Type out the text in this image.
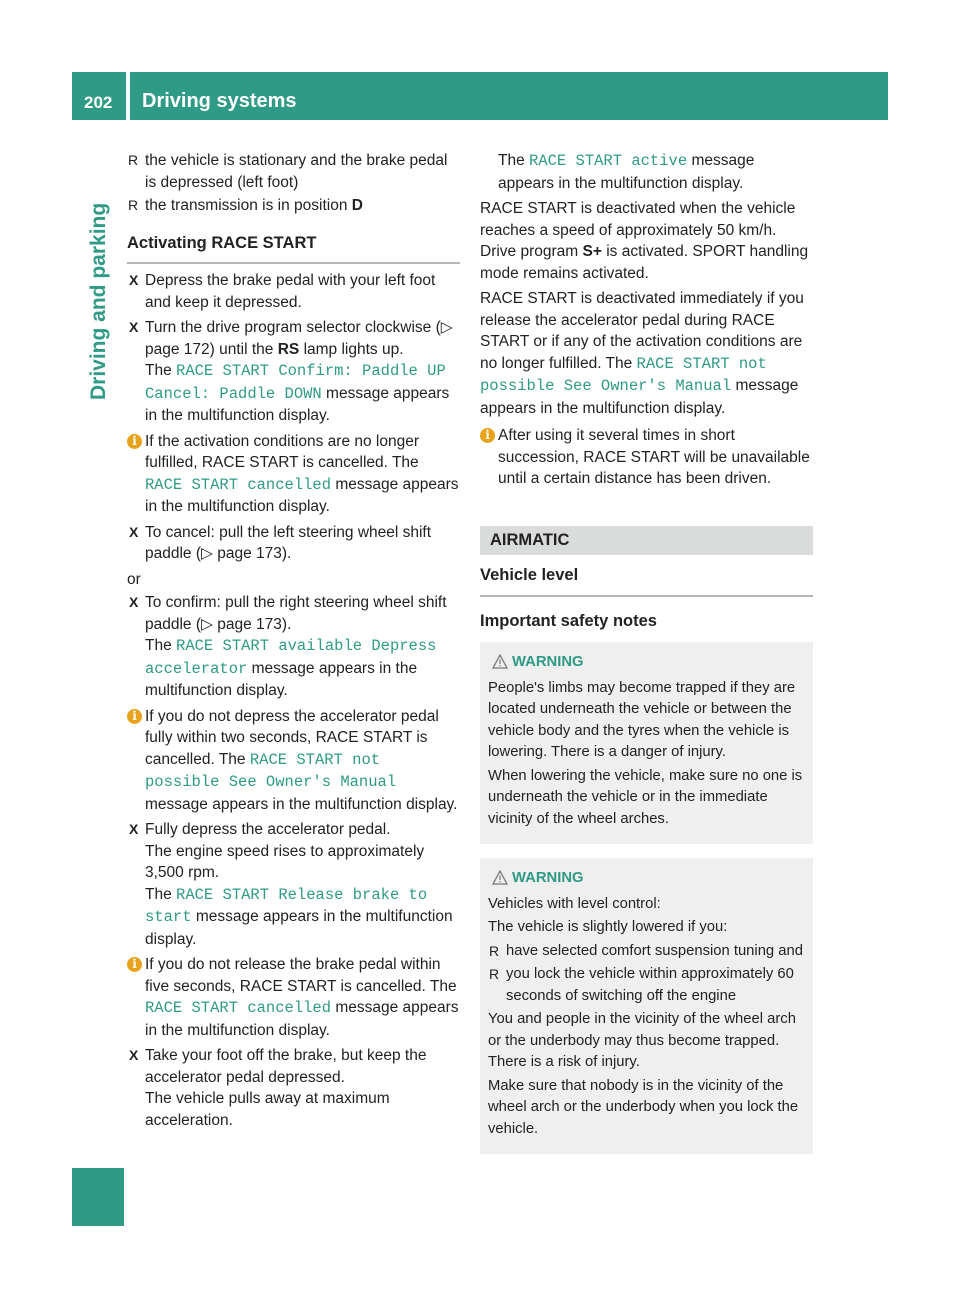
202 Driving systems
Driving and parking
R the vehicle is stationary and the brake pedal is depressed (left foot)
R the transmission is in position D
Activating RACE START
X Depress the brake pedal with your left foot and keep it depressed.
X Turn the drive program selector clockwise (▷ page 172) until the RS lamp lights up.
The RACE START Confirm: Paddle UP Cancel: Paddle DOWN message appears in the multifunction display.
i If the activation conditions are no longer fulfilled, RACE START is cancelled. The RACE START cancelled message appears in the multifunction display.
X To cancel: pull the left steering wheel shift paddle (▷ page 173).

or

X To confirm: pull the right steering wheel shift paddle (▷ page 173).
The RACE START available Depress accelerator message appears in the multifunction display.
i If you do not depress the accelerator pedal fully within two seconds, RACE START is cancelled. The RACE START not possible See Owner's Manual message appears in the multifunction display.
X Fully depress the accelerator pedal.
The engine speed rises to approximately 3,500 rpm.
The RACE START Release brake to start message appears in the multifunction display.
i If you do not release the brake pedal within five seconds, RACE START is cancelled. The RACE START cancelled message appears in the multifunction display.
X Take your foot off the brake, but keep the accelerator pedal depressed.
The vehicle pulls away at maximum acceleration.
The RACE START active message appears in the multifunction display.

RACE START is deactivated when the vehicle reaches a speed of approximately 50 km/h. Drive program S+ is activated. SPORT handling mode remains activated.

RACE START is deactivated immediately if you release the accelerator pedal during RACE START or if any of the activation conditions are no longer fulfilled. The RACE START not possible See Owner's Manual message appears in the multifunction display.

i After using it several times in short succession, RACE START will be unavailable until a certain distance has been driven.
AIRMATIC
Vehicle level
Important safety notes
WARNING

People's limbs may become trapped if they are located underneath the vehicle or between the vehicle body and the tyres when the vehicle is lowering. There is a danger of injury.

When lowering the vehicle, make sure no one is underneath the vehicle or in the immediate vicinity of the wheel arches.

WARNING

Vehicles with level control:

The vehicle is slightly lowered if you:

R have selected comfort suspension tuning and
R you lock the vehicle within approximately 60 seconds of switching off the engine

You and people in the vicinity of the wheel arch or the underbody may thus become trapped. There is a risk of injury.

Make sure that nobody is in the vicinity of the wheel arch or the underbody when you lock the vehicle.
